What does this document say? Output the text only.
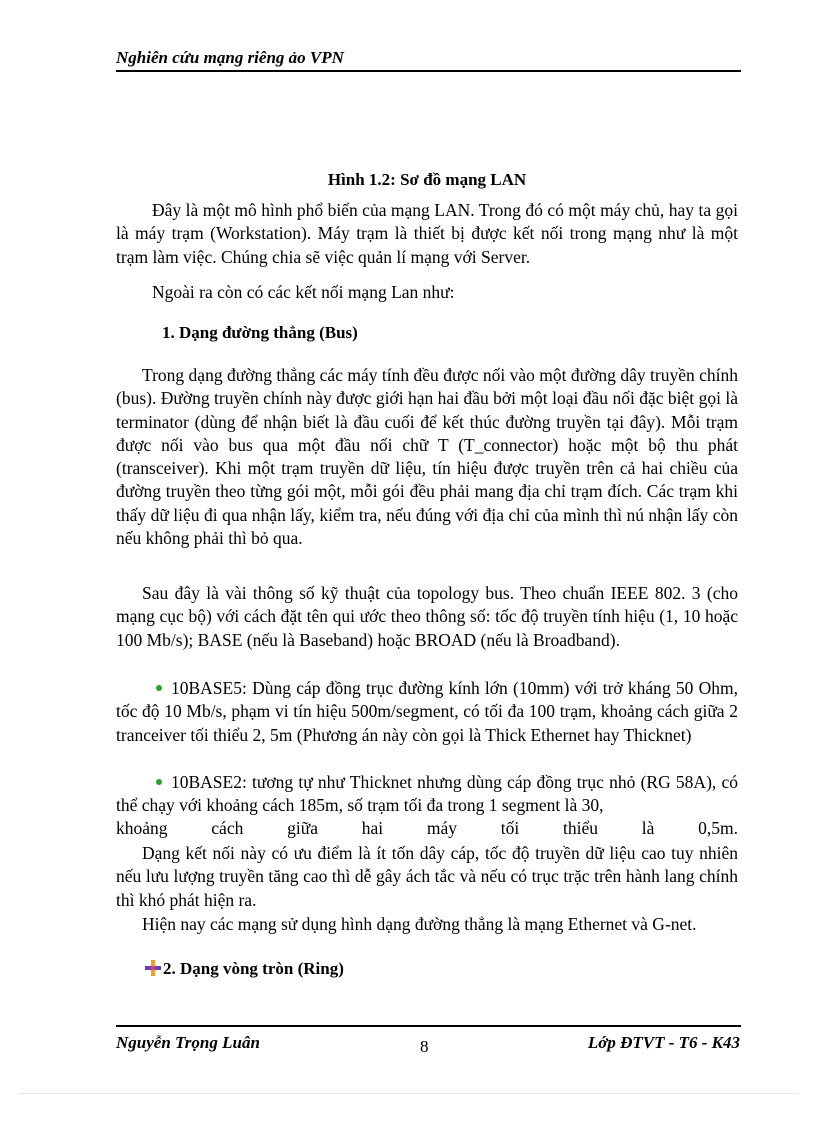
Nghiên cứu mạng riêng ảo VPN
Hình 1.2: Sơ đồ mạng LAN

Đây là một mô hình phổ biến của mạng LAN. Trong đó có một máy chủ, hay ta gọi là máy trạm (Workstation). Máy trạm là thiết bị được kết nối trong mạng như là một trạm làm việc. Chúng chia sẽ việc quản lí mạng với Server.

Ngoài ra còn có các kết nối mạng Lan như:

1. Dạng đường thẳng (Bus)

Trong dạng đường thẳng các máy tính đều được nối vào một đường dây truyền chính (bus). Đường truyền chính này được giới hạn hai đầu bởi một loại đầu nối đặc biệt gọi là terminator (dùng để nhận biết là đầu cuối để kết thúc đường truyền tại đây). Mỗi trạm được nối vào bus qua một đầu nối chữ T (T_connector) hoặc một bộ thu phát (transceiver). Khi một trạm truyền dữ liệu, tín hiệu được truyền trên cả hai chiều của đường truyền theo từng gói một, mỗi gói đều phải mang địa chỉ trạm đích. Các trạm khi thấy dữ liệu đi qua nhận lấy, kiểm tra, nếu đúng với địa chỉ của mình thì nú nhận lấy còn nếu không phải thì bỏ qua.

Sau đây là vài thông số kỹ thuật của topology bus. Theo chuẩn IEEE 802. 3 (cho mạng cục bộ) với cách đặt tên qui ước theo thông số: tốc độ truyền tính hiệu (1, 10 hoặc 100 Mb/s); BASE (nếu là Baseband) hoặc BROAD (nếu là Broadband).

10BASE5: Dùng cáp đồng trục đường kính lớn (10mm) với trở kháng 50 Ohm, tốc độ 10 Mb/s, phạm vi tín hiệu 500m/segment, có tối đa 100 trạm, khoảng cách giữa 2 tranceiver tối thiểu 2, 5m (Phương án này còn gọi là Thick Ethernet hay Thicknet)

10BASE2: tương tự như Thicknet nhưng dùng cáp đồng trục nhỏ (RG 58A), có thể chạy với khoảng cách 185m, số trạm tối đa trong 1 segment là 30,

khoảng cách giữa hai máy tối thiểu là 0,5m.

Dạng kết nối này có ưu điểm là ít tốn dây cáp, tốc độ truyền dữ liệu cao tuy nhiên nếu lưu lượng truyền tăng cao thì dễ gây ách tắc và nếu có trục trặc trên hành lang chính thì khó phát hiện ra.

Hiện nay các mạng sử dụng hình dạng đường thẳng là mạng Ethernet và G-net.

2. Dạng vòng tròn (Ring)
Nguyễn Trọng Luân	8	Lớp ĐTVT - T6 - K43
